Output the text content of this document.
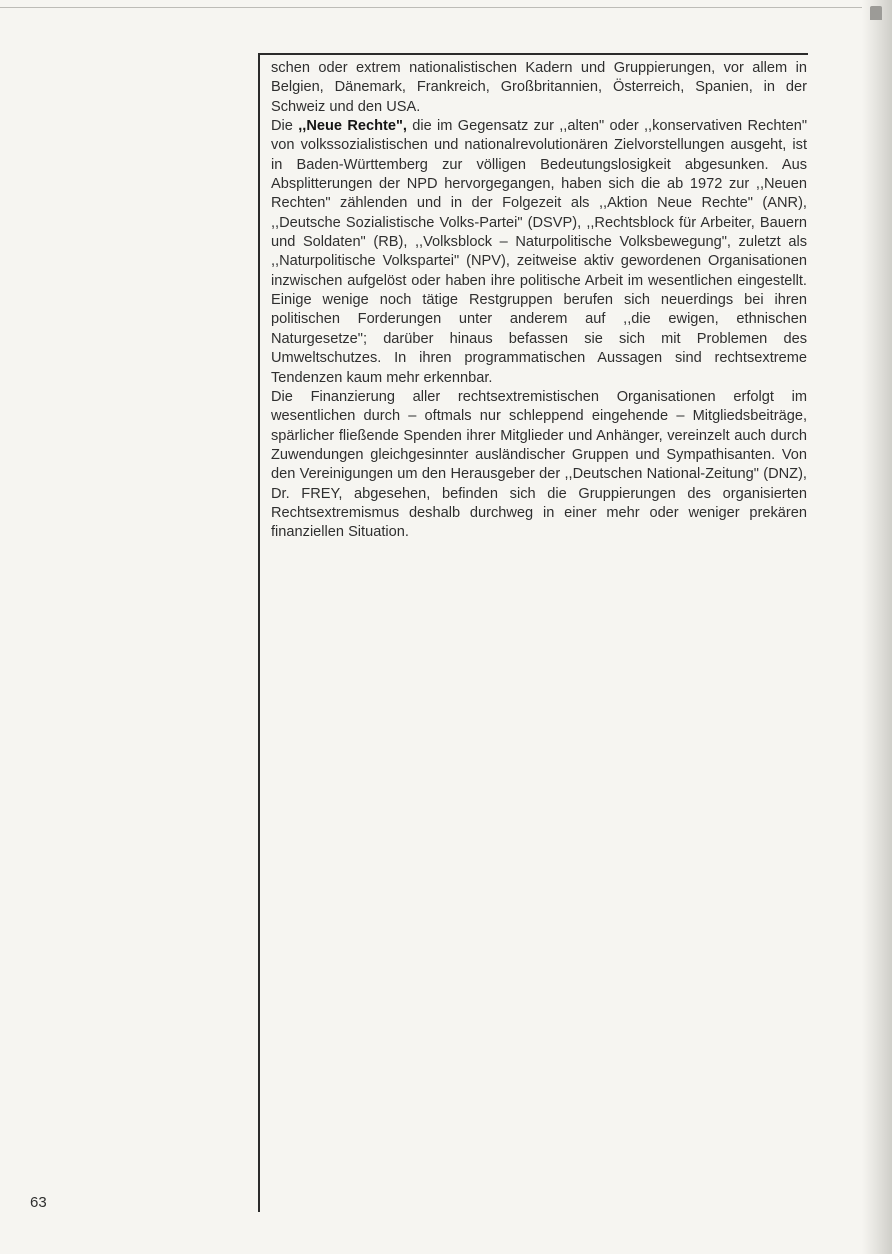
schen oder extrem nationalistischen Kadern und Gruppierungen, vor allem in Belgien, Dänemark, Frankreich, Großbritannien, Österreich, Spanien, in der Schweiz und den USA.

Die ,,Neue Rechte", die im Gegensatz zur ,,alten" oder ,,konservativen Rechten" von volkssozialistischen und nationalrevolutionären Zielvorstellungen ausgeht, ist in Baden-Württemberg zur völligen Bedeutungslosigkeit abgesunken. Aus Absplitterungen der NPD hervorgegangen, haben sich die ab 1972 zur ,,Neuen Rechten" zählenden und in der Folgezeit als ,,Aktion Neue Rechte" (ANR), ,,Deutsche Sozialistische Volks-Partei" (DSVP), ,,Rechtsblock für Arbeiter, Bauern und Soldaten" (RB), ,,Volksblock – Naturpolitische Volksbewegung", zuletzt als ,,Naturpolitische Volkspartei" (NPV), zeitweise aktiv gewordenen Organisationen inzwischen aufgelöst oder haben ihre politische Arbeit im wesentlichen eingestellt. Einige wenige noch tätige Restgruppen berufen sich neuerdings bei ihren politischen Forderungen unter anderem auf ,,die ewigen, ethnischen Naturgesetze"; darüber hinaus befassen sie sich mit Problemen des Umweltschutzes. In ihren programmatischen Aussagen sind rechtsextreme Tendenzen kaum mehr erkennbar.

Die Finanzierung aller rechtsextremistischen Organisationen erfolgt im wesentlichen durch – oftmals nur schleppend eingehende – Mitgliedsbeiträge, spärlicher fließende Spenden ihrer Mitglieder und Anhänger, vereinzelt auch durch Zuwendungen gleichgesinnter ausländischer Gruppen und Sympathisanten. Von den Vereinigungen um den Herausgeber der ,,Deutschen National-Zeitung" (DNZ), Dr. FREY, abgesehen, befinden sich die Gruppierungen des organisierten Rechtsextremismus deshalb durchweg in einer mehr oder weniger prekären finanziellen Situation.

63
